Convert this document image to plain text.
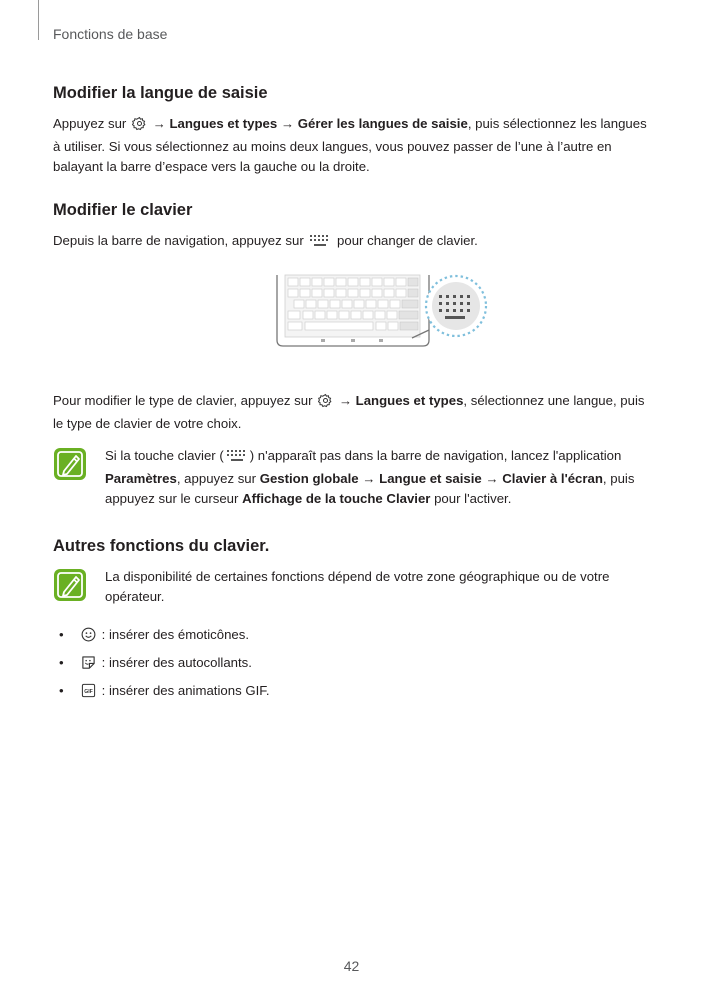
Fonctions de base
Modifier la langue de saisie

Appuyez sur  → Langues et types → Gérer les langues de saisie, puis sélectionnez les langues à utiliser. Si vous sélectionnez au moins deux langues, vous pouvez passer de l’une à l’autre en balayant la barre d’espace vers la gauche ou la droite.

Modifier le clavier

Depuis la barre de navigation, appuyez sur  pour changer de clavier.

Pour modifier le type de clavier, appuyez sur  → Langues et types, sélectionnez une langue, puis le type de clavier de votre choix.

Si la touche clavier ( ) n'apparaît pas dans la barre de navigation, lancez l'application Paramètres, appuyez sur Gestion globale → Langue et saisie → Clavier à l'écran, puis appuyez sur le curseur Affichage de la touche Clavier pour l'activer.

Autres fonctions du clavier.

La disponibilité de certaines fonctions dépend de votre zone géographique ou de votre opérateur.

•	: insérer des émoticônes.
•	: insérer des autocollants.
•	GIF : insérer des animations GIF.
42
